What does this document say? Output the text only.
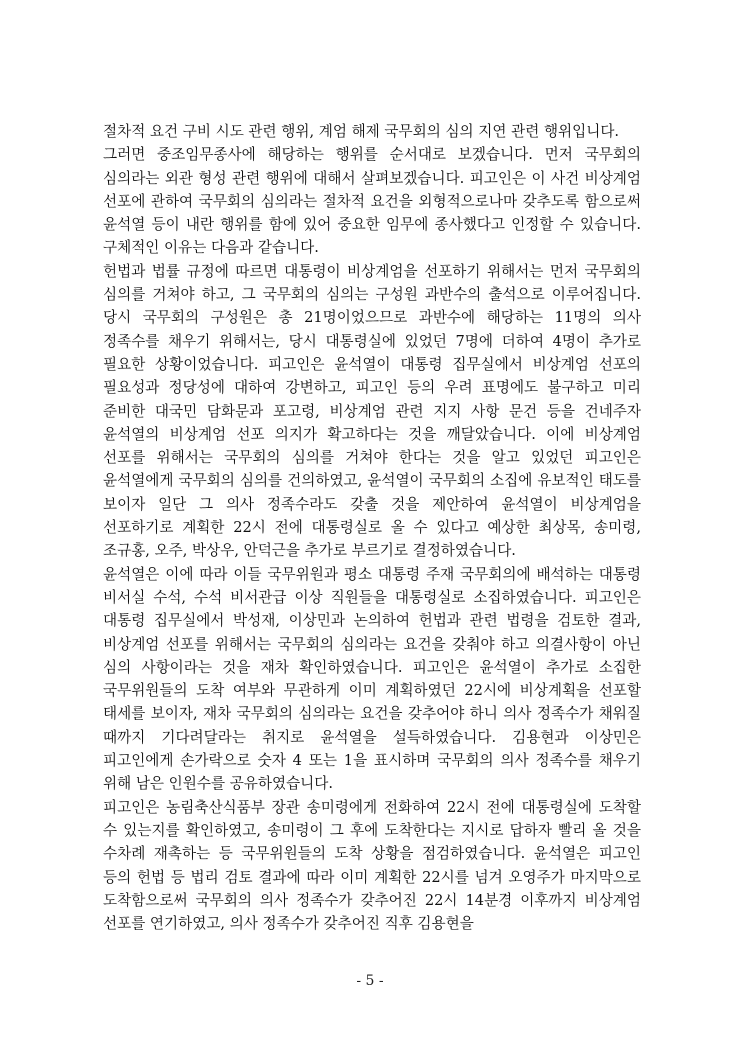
절차적 요건 구비 시도 관련 행위, 계엄 해제 국무회의 심의 지연 관련 행위입니다.

그러면 중조임무종사에 해당하는 행위를 순서대로 보겠습니다. 먼저 국무회의 심의라는 외관 형성 관련 행위에 대해서 살펴보겠습니다. 피고인은 이 사건 비상계엄 선포에 관하여 국무회의 심의라는 절차적 요건을 외형적으로나마 갖추도록 함으로써 윤석열 등이 내란 행위를 함에 있어 중요한 임무에 종사했다고 인정할 수 있습니다. 구체적인 이유는 다음과 같습니다.

헌법과 법률 규정에 따르면 대통령이 비상계엄을 선포하기 위해서는 먼저 국무회의 심의를 거쳐야 하고, 그 국무회의 심의는 구성원 과반수의 출석으로 이루어집니다. 당시 국무회의 구성원은 총 21명이었으므로 과반수에 해당하는 11명의 의사 정족수를 채우기 위해서는, 당시 대통령실에 있었던 7명에 더하여 4명이 추가로 필요한 상황이었습니다. 피고인은 윤석열이 대통령 집무실에서 비상계엄 선포의 필요성과 정당성에 대하여 강변하고, 피고인 등의 우려 표명에도 불구하고 미리 준비한 대국민 담화문과 포고령, 비상계엄 관련 지지 사항 문건 등을 건네주자 윤석열의 비상계엄 선포 의지가 확고하다는 것을 깨달았습니다. 이에 비상계엄 선포를 위해서는 국무회의 심의를 거쳐야 한다는 것을 알고 있었던 피고인은 윤석열에게 국무회의 심의를 건의하였고, 윤석열이 국무회의 소집에 유보적인 태도를 보이자 일단 그 의사 정족수라도 갖출 것을 제안하여 윤석열이 비상계엄을 선포하기로 계획한 22시 전에 대통령실로 올 수 있다고 예상한 최상목, 송미령, 조규홍, 오주, 박상우, 안덕근을 추가로 부르기로 결정하였습니다.

윤석열은 이에 따라 이들 국무위원과 평소 대통령 주재 국무회의에 배석하는 대통령 비서실 수석, 수석 비서관급 이상 직원들을 대통령실로 소집하였습니다. 피고인은 대통령 집무실에서 박성재, 이상민과 논의하여 헌법과 관련 법령을 검토한 결과, 비상계엄 선포를 위해서는 국무회의 심의라는 요건을 갖춰야 하고 의결사항이 아닌 심의 사항이라는 것을 재차 확인하였습니다. 피고인은 윤석열이 추가로 소집한 국무위원들의 도착 여부와 무관하게 이미 계획하였던 22시에 비상계획을 선포할 태세를 보이자, 재차 국무회의 심의라는 요건을 갖추어야 하니 의사 정족수가 채워질 때까지 기다려달라는 취지로 윤석열을 설득하였습니다. 김용현과 이상민은 피고인에게 손가락으로 숫자 4 또는 1을 표시하며 국무회의 의사 정족수를 채우기 위해 남은 인원수를 공유하였습니다.

피고인은 농림축산식품부 장관 송미령에게 전화하여 22시 전에 대통령실에 도착할 수 있는지를 확인하였고, 송미령이 그 후에 도착한다는 지시로 답하자 빨리 올 것을 수차례 재촉하는 등 국무위원들의 도착 상황을 점검하였습니다. 윤석열은 피고인 등의 헌법 등 법리 검토 결과에 따라 이미 계획한 22시를 넘겨 오영주가 마지막으로 도착함으로써 국무회의 의사 정족수가 갖추어진 22시 14분경 이후까지 비상계엄 선포를 연기하였고, 의사 정족수가 갖추어진 직후 김용현을

- 5 -
